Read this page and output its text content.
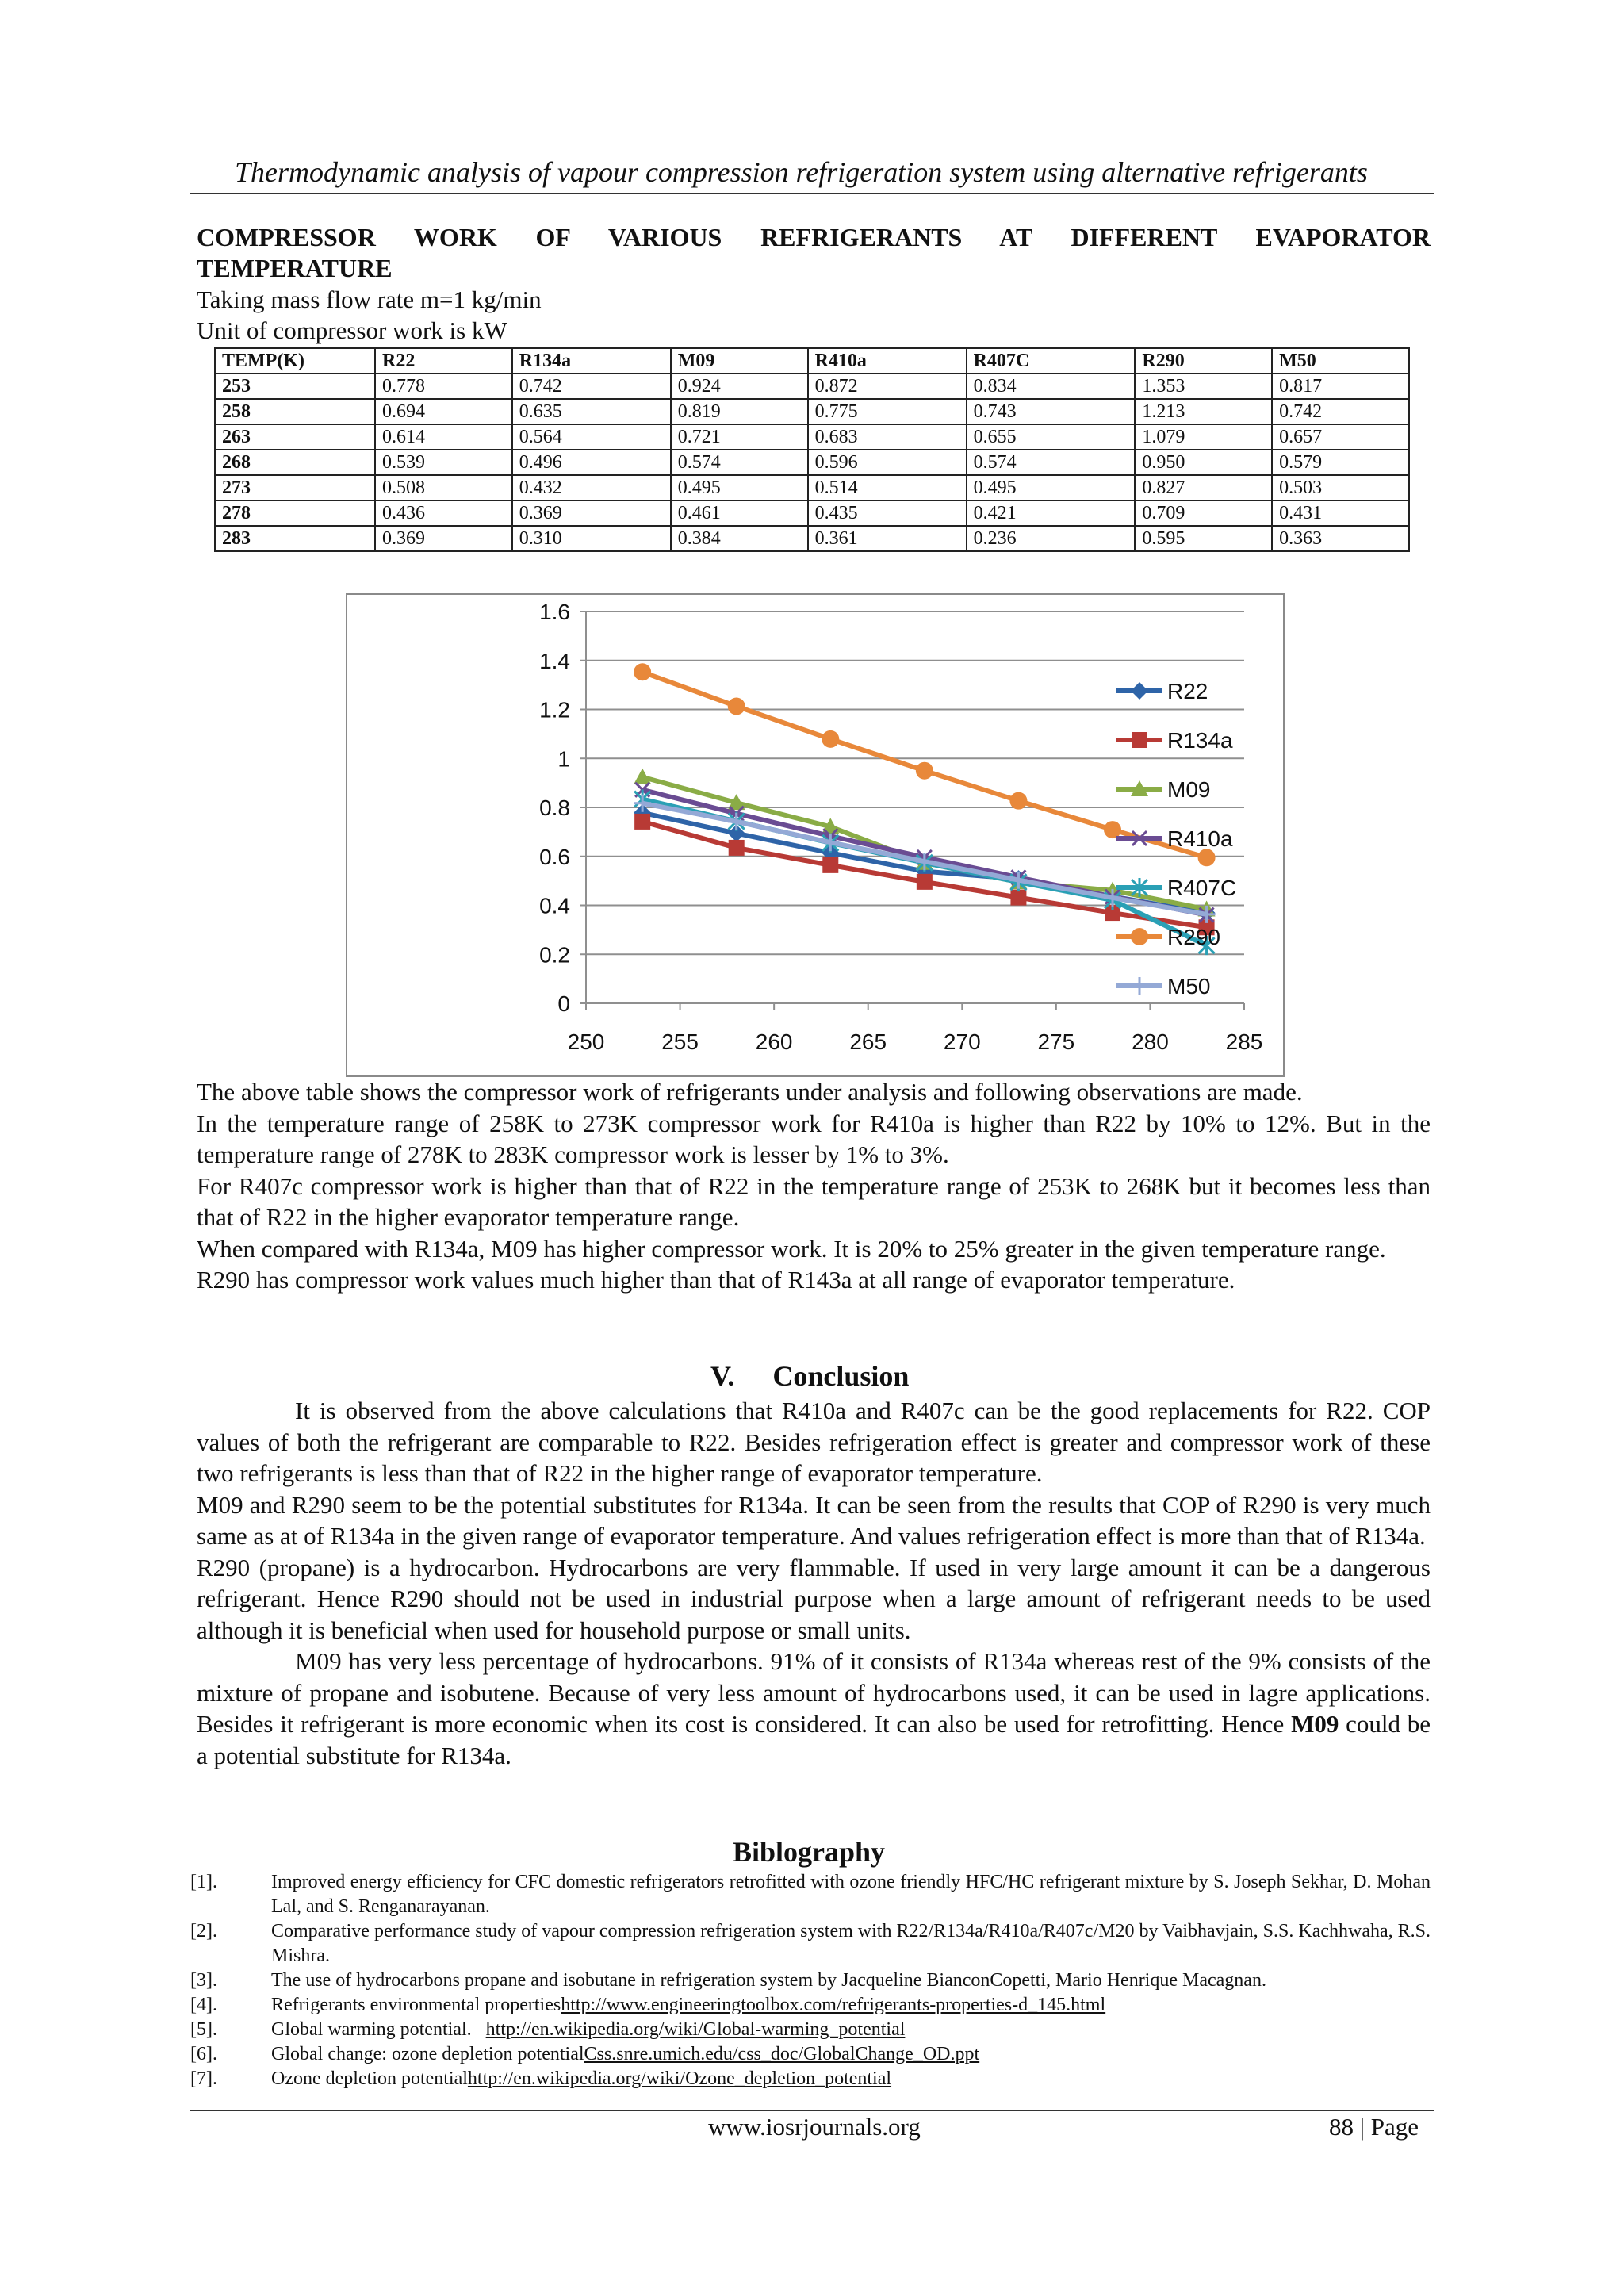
Thermodynamic analysis of vapour compression refrigeration system using alternative refrigerants
COMPRESSOR WORK OF VARIOUS REFRIGERANTS AT DIFFERENT EVAPORATOR
TEMPERATURE
Taking mass flow rate m=1 kg/min
Unit of compressor work is kW
TEMP(K)	R22	R134a	M09	R410a	R407C	R290	M50
253	0.778	0.742	0.924	0.872	0.834	1.353	0.817
258	0.694	0.635	0.819	0.775	0.743	1.213	0.742
263	0.614	0.564	0.721	0.683	0.655	1.079	0.657
268	0.539	0.496	0.574	0.596	0.574	0.950	0.579
273	0.508	0.432	0.495	0.514	0.495	0.827	0.503
278	0.436	0.369	0.461	0.435	0.421	0.709	0.431
283	0.369	0.310	0.384	0.361	0.236	0.595	0.363
0
0.2
0.4
0.6
0.8
1
1.2
1.4
1.6
250	255	260	265	270	275	280	285
R22
R134a
M09
R410a
R407C
R290
M50

The above table shows the compressor work of refrigerants under analysis and following observations are made.

In the temperature range of 258K to 273K compressor work for R410a is higher than R22 by 10% to 12%. But in the temperature range of 278K to 283K compressor work is lesser by 1% to 3%.

For R407c compressor work is higher than that of R22 in the temperature range of 253K to 268K but it becomes less than that of R22 in the higher evaporator temperature range.

When compared with R134a, M09 has higher compressor work. It is 20% to 25% greater in the given temperature range.

R290 has compressor work values much higher than that of R143a at all range of evaporator temperature.

V. Conclusion

It is observed from the above calculations that R410a and R407c can be the good replacements for R22. COP values of both the refrigerant are comparable to R22. Besides refrigeration effect is greater and compressor work of these two refrigerants is less than that of R22 in the higher range of evaporator temperature.

M09 and R290 seem to be the potential substitutes for R134a. It can be seen from the results that COP of R290 is very much same as at of R134a in the given range of evaporator temperature. And values refrigeration effect is more than that of R134a.

R290 (propane) is a hydrocarbon. Hydrocarbons are very flammable. If used in very large amount it can be a dangerous refrigerant. Hence R290 should not be used in industrial purpose when a large amount of refrigerant needs to be used although it is beneficial when used for household purpose or small units.

M09 has very less percentage of hydrocarbons. 91% of it consists of R134a whereas rest of the 9% consists of the mixture of propane and isobutene. Because of very less amount of hydrocarbons used, it can be used in lagre applications. Besides it refrigerant is more economic when its cost is considered. It can also be used for retrofitting. Hence M09 could be a potential substitute for R134a.

Biblography
[1].	Improved energy efficiency for CFC domestic refrigerators retrofitted with ozone friendly HFC/HC refrigerant mixture by S. Joseph Sekhar, D. Mohan Lal, and S. Renganarayanan.
[2].	Comparative performance study of vapour compression refrigeration system with R22/R134a/R410a/R407c/M20 by Vaibhavjain, S.S. Kachhwaha, R.S. Mishra.
[3].	The use of hydrocarbons propane and isobutane in refrigeration system by Jacqueline BianconCopetti, Mario Henrique Macagnan.
[4].	Refrigerants environmental propertieshttp://www.engineeringtoolbox.com/refrigerants-properties-d_145.html
[5].	Global warming potential.   http://en.wikipedia.org/wiki/Global-warming_potential
[6].	Global change: ozone depletion potentialCss.snre.umich.edu/css_doc/GlobalChange_OD.ppt
[7].	Ozone depletion potentialhttp://en.wikipedia.org/wiki/Ozone_depletion_potential
www.iosrjournals.org	88 | Page
